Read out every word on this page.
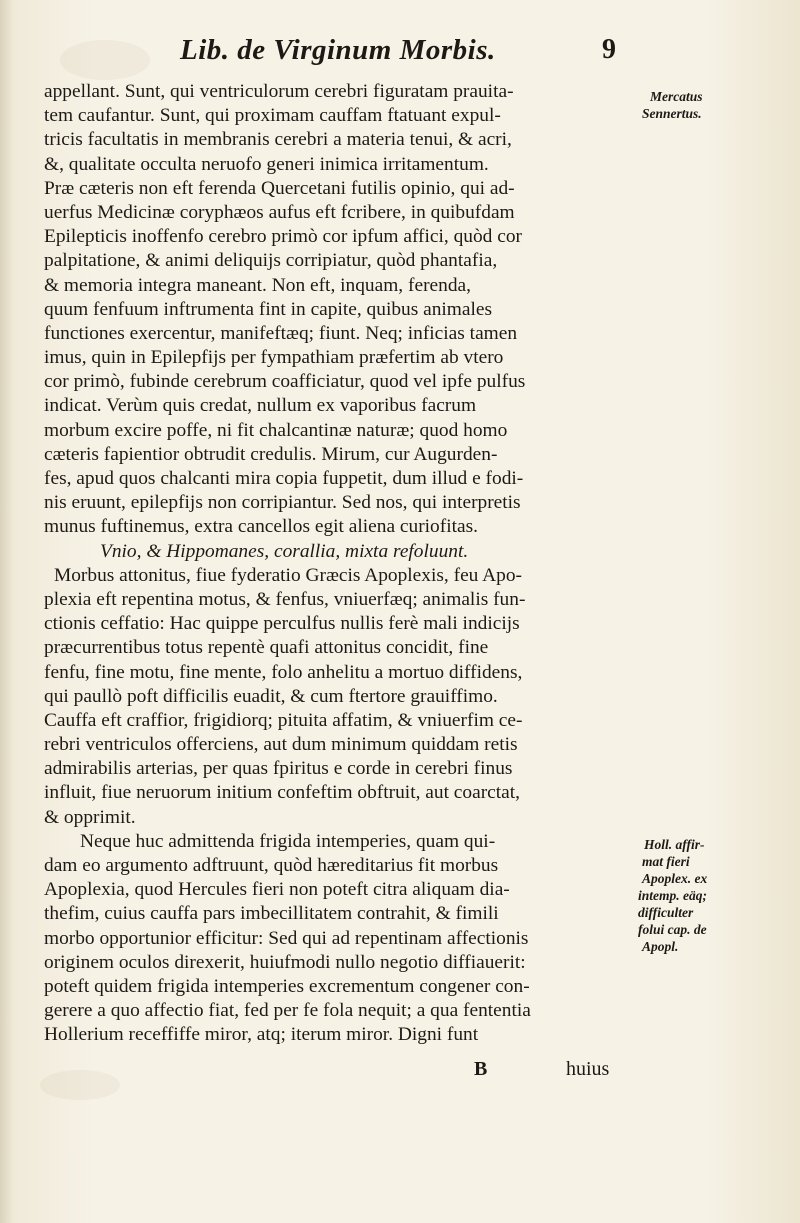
Lib. de Virginum Morbis.	9
appellant. Sunt, qui ventriculorum cerebri figuratam prauita-
tem caufantur. Sunt, qui proximam cauffam ftatuant expul-
tricis facultatis in membranis cerebri a materia tenui, & acri,
&, qualitate occulta neruofo generi inimica irritamentum.
Præ cæteris non eft ferenda Quercetani futilis opinio, qui ad-
uerfus Medicinæ coryphæos aufus eft fcribere, in quibufdam
Epilepticis inoffenfo cerebro primò cor ipfum affici, quòd cor
palpitatione, & animi deliquijs corripiatur, quòd phantafia,
& memoria integra maneant. Non eft, inquam, ferenda,
quum fenfuum inftrumenta fint in capite, quibus animales
functiones exercentur, manifeftæq; fiunt. Neq; inficias tamen
imus, quin in Epilepfijs per fympathiam præfertim ab vtero
cor primò, fubinde cerebrum coafficiatur, quod vel ipfe pulfus
indicat. Verùm quis credat, nullum ex vaporibus facrum
morbum excire poffe, ni fit chalcantinæ naturæ; quod homo
cæteris fapientior obtrudit credulis. Mirum, cur Augurden-
fes, apud quos chalcanti mira copia fuppetit, dum illud e fodi-
nis eruunt, epilepfijs non corripiantur. Sed nos, qui interpretis
munus fuftinemus, extra cancellos egit aliena curiofitas.
Vnio, & Hippomanes, corallia, mixta refoluunt.
Morbus attonitus, fiue fyderatio Græcis Apoplexis, feu Apo-
plexia eft repentina motus, & fenfus, vniuerfæq; animalis fun-
ctionis ceffatio: Hac quippe perculfus nullis ferè mali indicijs
præcurrentibus totus repentè quafi attonitus concidit, fine
fenfu, fine motu, fine mente, folo anhelitu a mortuo diffidens,
qui paullò poft difficilis euadit, & cum ftertore grauiffimo.
Cauffa eft craffior, frigidiorq; pituita affatim, & vniuerfim ce-
rebri ventriculos offerciens, aut dum minimum quiddam retis
admirabilis arterias, per quas fpiritus e corde in cerebri finus
influit, fiue neruorum initium confeftim obftruit, aut coarctat,
& opprimit.
Neque huc admittenda frigida intemperies, quam qui-
dam eo argumento adftruunt, quòd hæreditarius fit morbus
Apoplexia, quod Hercules fieri non poteft citra aliquam dia-
thefim, cuius cauffa pars imbecillitatem contrahit, & fimili
morbo opportunior efficitur: Sed qui ad repentinam affectionis
originem oculos direxerit, huiufmodi nullo negotio diffiauerit:
poteft quidem frigida intemperies excrementum congener con-
gerere a quo affectio fiat, fed per fe fola nequit; a qua fententia
Hollerium receffiffe miror, atq; iterum miror. Digni funt
B	huius
Mercatus
Sennertus.
Holl. affir-
mat fieri
Apoplex. ex
intemp. eäq;
difficulter
folui cap. de
Apopl.
